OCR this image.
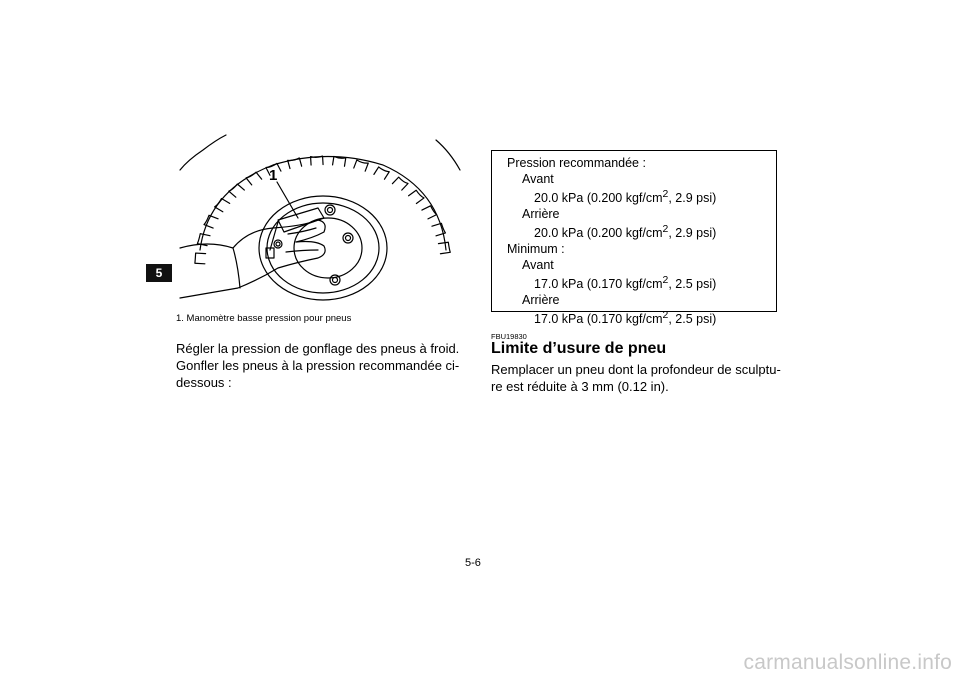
5
1
1. Manomètre basse pression pour pneus

Régler la pression de gonflage des pneus à froid.
Gonfler les pneus à la pression recommandée ci-
dessous :

Pression recommandée :
Avant
20.0 kPa (0.200 kgf/$cm^2$, 2.9 psi)
Arrière
20.0 kPa (0.200 kgf/$cm^2$, 2.9 psi)
Minimum :
Avant
17.0 kPa (0.170 kgf/$cm^2$, 2.5 psi)
Arrière
17.0 kPa (0.170 kgf/$cm^2$, 2.5 psi)
FBU19830
Limite d’usure de pneu

Remplacer un pneu dont la profondeur de sculptu-
re est réduite à 3 mm (0.12 in).

5-6
carmanualsonline.info
